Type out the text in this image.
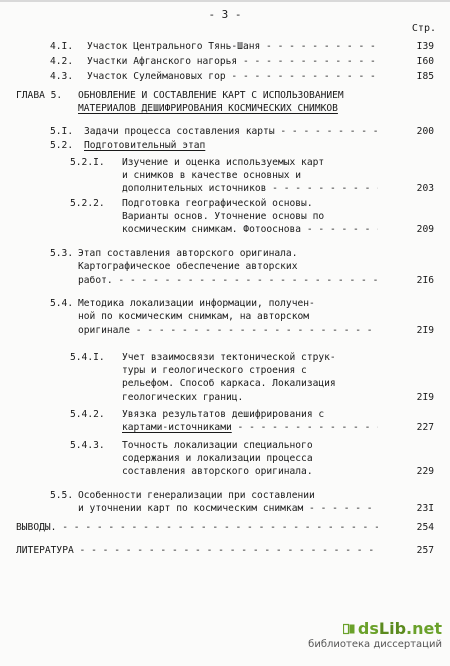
- 3 -
Стр.
4.I. Участок Центрального Тянь-Шаня - - -	I39
4.2. Участки Афганского нагорья - - -	I60
4.3. Участок Сулеймановых гор - - -	I85
ГЛАВА 5. ОБНОВЛЕНИЕ И СОСТАВЛЕНИЕ КАРТ С ИСПОЛЬЗОВАНИЕМ
МАТЕРИАЛОВ ДЕШИФРИРОВАНИЯ КОСМИЧЕСКИХ СНИМКОВ
5.I. Задачи процесса составления карты - - -	200
5.2. Подготовительный этап
5.2.I. Изучение и оценка используемых карт
и снимков в качестве основных и
дополнительных источников - - -	203
5.2.2. Подготовка географической основы.
Варианты основ. Уточнение основы по
космическим снимкам. Фотооснова - - -	209
5.3. Этап составления авторского оригинала.
Картографическое обеспечение авторских
работ. - - -	2I6
5.4. Методика локализации информации, получен-
ной по космическим снимкам, на авторском
оригинале - - -	2I9
5.4.I. Учет взаимосвязи тектонической струк-
туры и геологического строения с
рельефом. Способ каркаса. Локализация
геологических границ.	2I9
5.4.2. Увязка результатов дешифрирования с
картами-источниками - - -	227
5.4.3. Точность локализации специального
содержания и локализации процесса
составления авторского оригинала.	229
5.5. Особенности генерализации при составлении
и уточнении карт по космическим снимкам - - -	23I
ВЫВОДЫ. - - -	254
ЛИТЕРАТУРА - - -	257
dsLib.net
библиотека диссертаций
